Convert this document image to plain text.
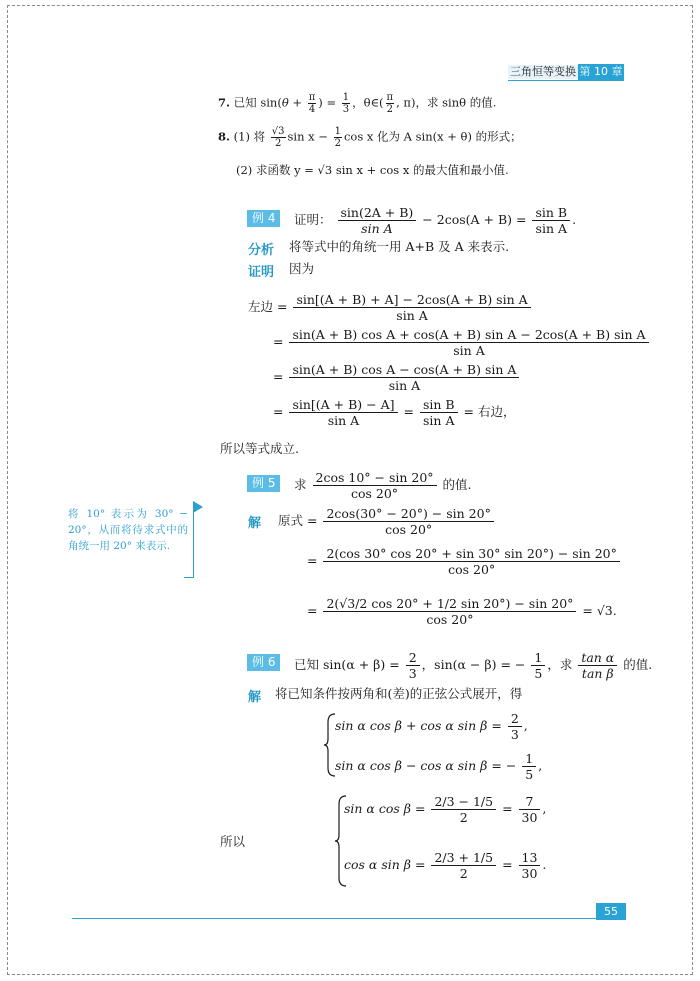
三角恒等变换 第 10 章
7. 已知 $\sin(\theta + \frac{\pi}{4}$ ) = $\frac{1}{3}$ ，θ∈( $\frac{\pi}{2}$ , π)，求 sinθ 的值.
8. (1) 将 $\frac{√3}{2}$ $\sin x - \frac{1}{2}$ cos x 化为 A sin(x + θ) 的形式；
(2) 求函数 y = √3 sin x + cos x 的最大值和最小值.
例 4	证明： $\frac{\sin(2A + B)}{\text{sin A}} - 2\cos(A + B) = \frac{\text{sin B}}{\text{sin A}}$ .
分析 将等式中的角统一用 A+B 及 A 来表示.
证明 因为
左边 = $\frac{\text{sin[(A + B) + A] − 2cos(A + B) sin A}}{\text{sin A}}$
= $\frac{\text{sin(A + B) cos A + cos(A + B) sin A − 2cos(A + B) sin A}}{\text{sin A}}$
= $\frac{\text{sin(A + B) cos A − cos(A + B) sin A}}{\text{sin A}}$
= $\frac{\sin[(A + B) - A]}{\text{sin A}} = \frac{\text{sin B}}{\text{sin A}}$ = 右边，
所以等式成立.
例 5	求 $\frac{2\cos 10^\circ - \sin 20^\circ}{\cos 20^\circ}$ 的值.
解 原式 = $\frac{2\cos(30^\circ - 20^\circ) - \sin 20^\circ}{\cos 20^\circ}$
= $\frac{2(\cos 30^\circ \cos 20^\circ + \sin 30^\circ \sin 20^\circ) - \sin 20^\circ}{\cos 20^\circ}$
= $\frac{2(√3/2 \cos 20^\circ + 1/2 \sin 20^\circ) - \sin 20^\circ}{\cos 20^\circ} = √3$.
将 10° 表示为 30° − 20°，从而将待求式中的角统一用 20° 来表示.
例 6	已知 $\sin(\alpha + \beta) = \frac{2}{3}$ ，sin(α − β) = − $\frac{1}{5}$ ，求 $\frac{\text{tan α}}{\text{tan β}}$ 的值.
解 将已知条件按两角和(差)的正弦公式展开，得
sin α cos β + cos α $\sin \beta = \frac{2}{3}$ ,
sin α cos β − cos α sin β = − $\frac{1}{5}$ ,
所以
sin α $\cos \beta = \frac{2/3 - 1/5}{2} = \frac{7}{30}$ ,
cos α $\sin \beta = \frac{2/3 + 1/5}{2} = \frac{13}{30}$ .
55
